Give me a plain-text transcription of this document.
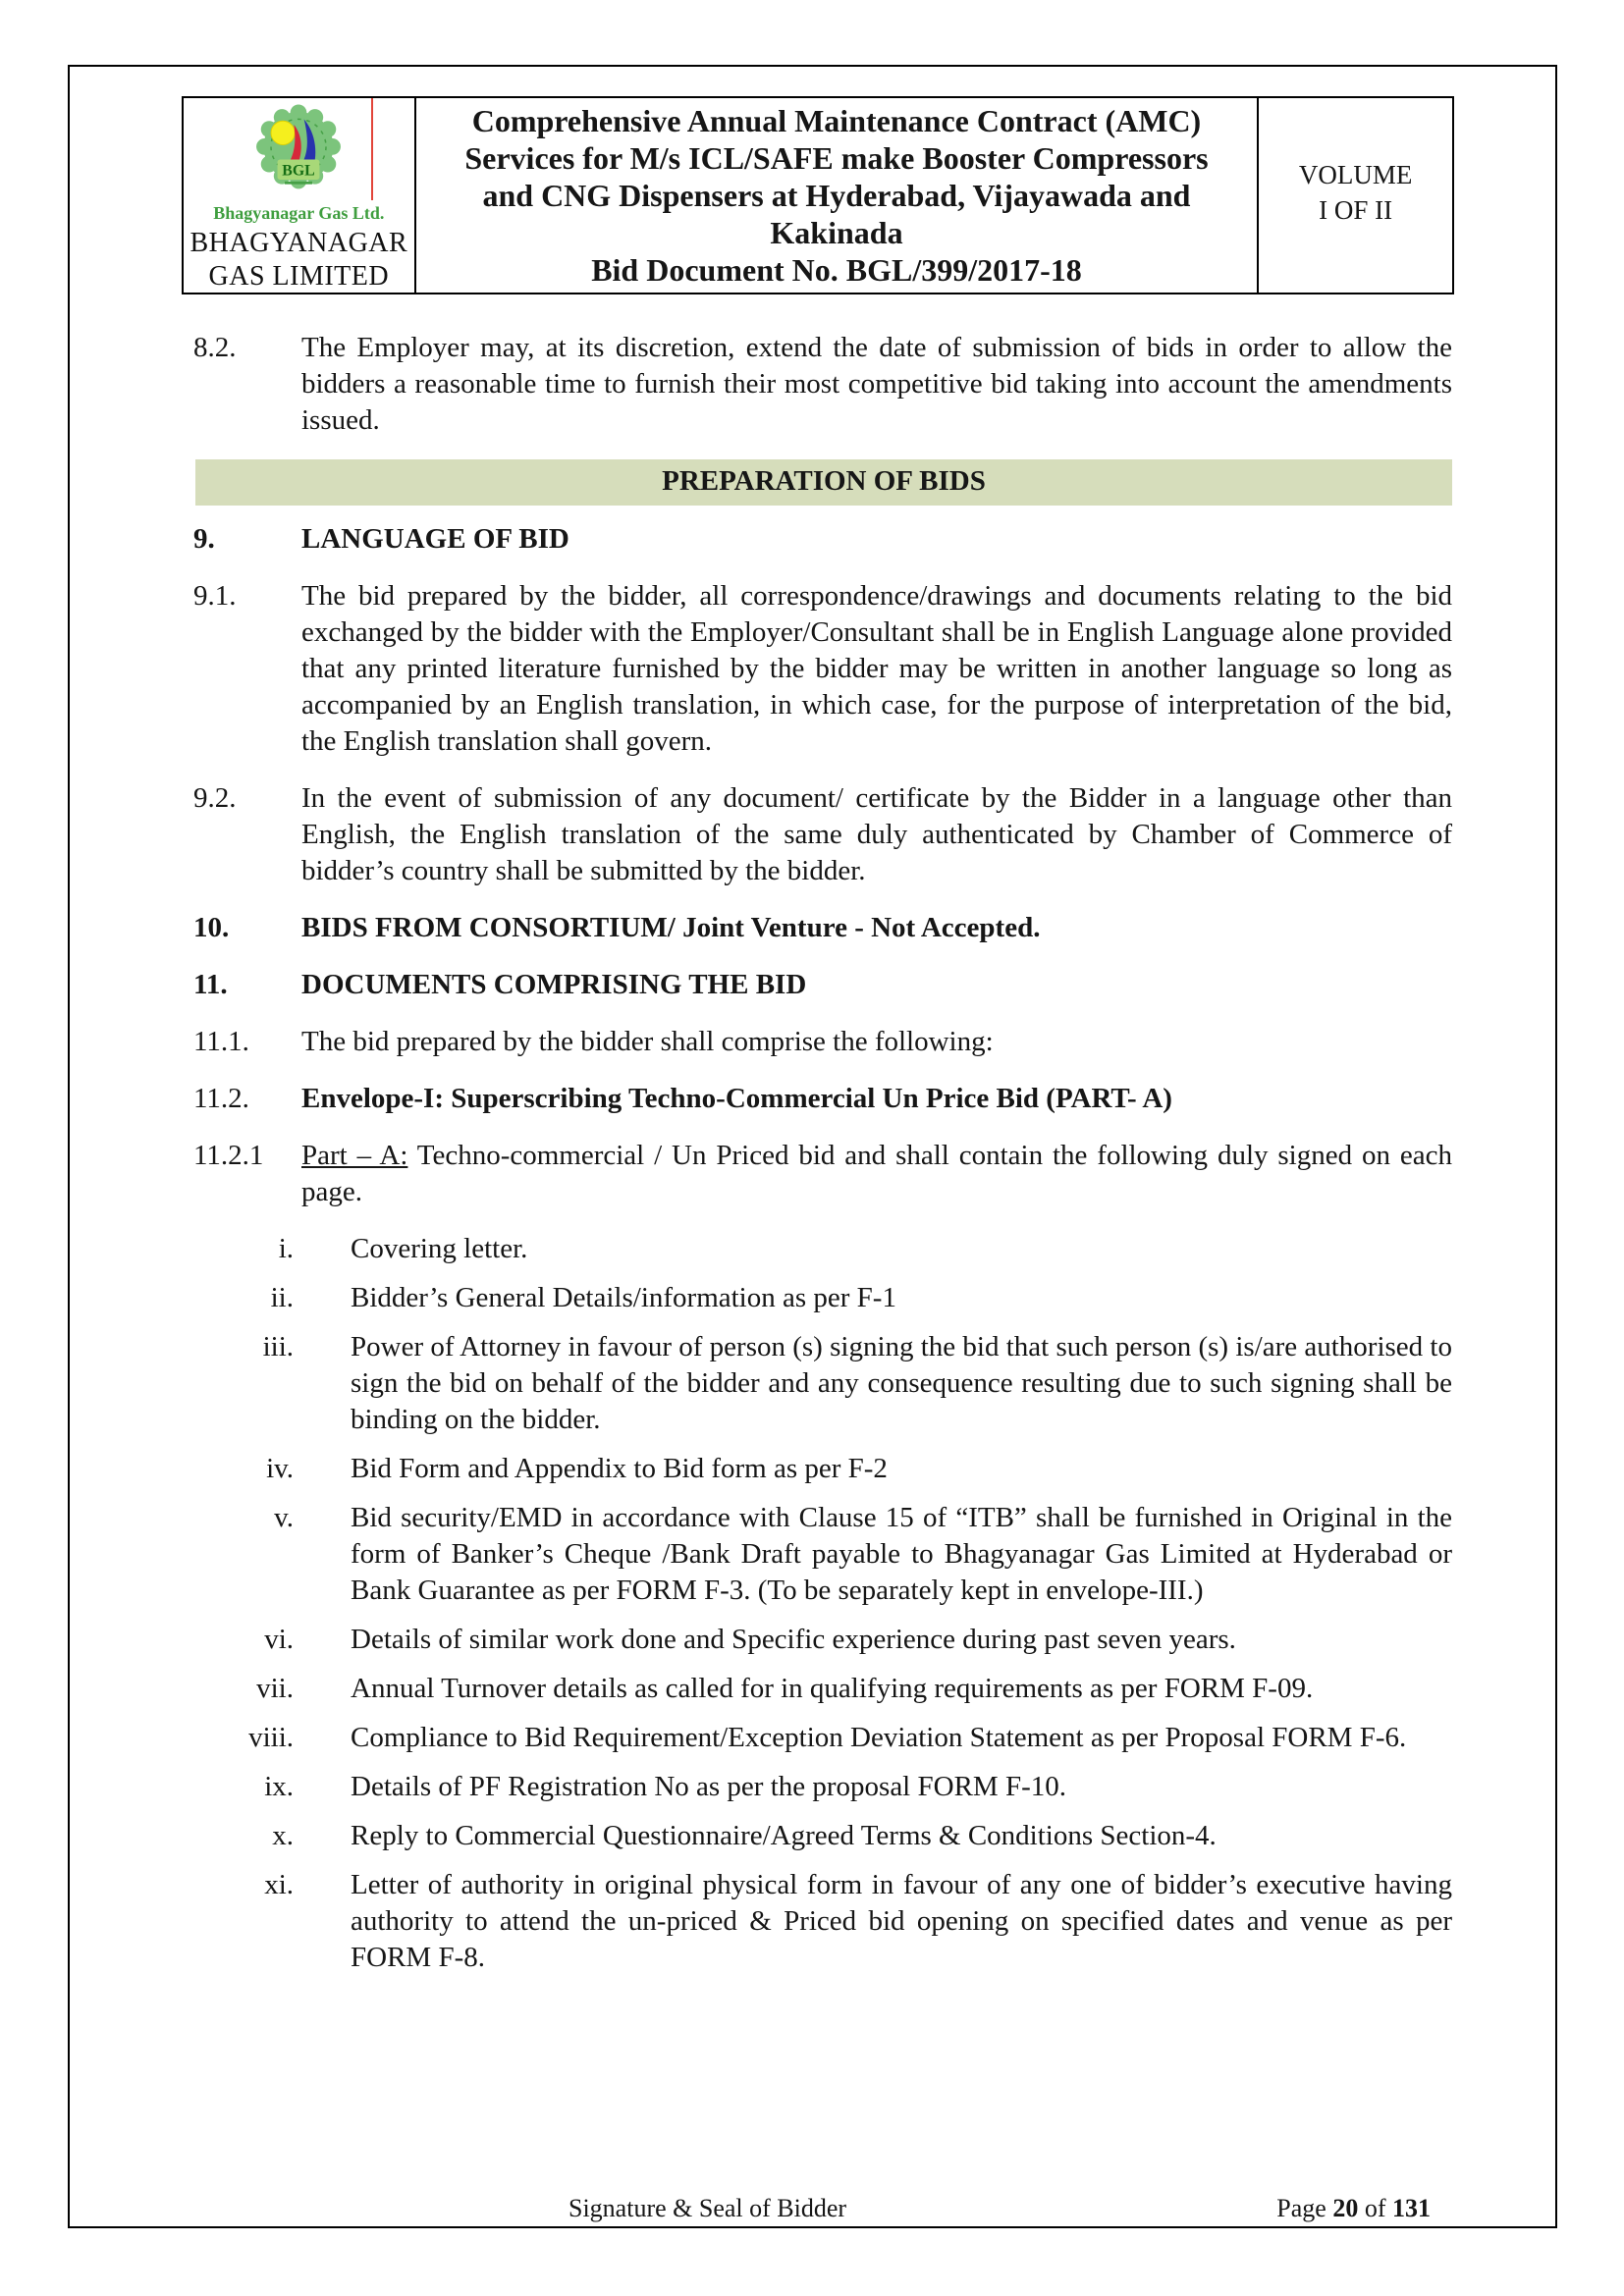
BGL
Bhagyanagar Gas Ltd.
BHAGYANAGAR
GAS LIMITED
Comprehensive Annual Maintenance Contract (AMC)
Services for M/s ICL/SAFE make Booster Compressors
and CNG Dispensers at Hyderabad, Vijayawada and
Kakinada
Bid Document No. BGL/399/2017-18
VOLUME
I OF II
8.2.	The Employer may, at its discretion, extend the date of submission of bids in order to allow the bidders a reasonable time to furnish their most competitive bid taking into account the amendments issued.
PREPARATION OF BIDS
9.	LANGUAGE OF BID
9.1.	The bid prepared by the bidder, all correspondence/drawings and documents relating to the bid exchanged by the bidder with the Employer/Consultant shall be in English Language alone provided that any printed literature furnished by the bidder may be written in another language so long as accompanied by an English translation, in which case, for the purpose of interpretation of the bid, the English translation shall govern.
9.2.	In the event of submission of any document/ certificate by the Bidder in a language other than English, the English translation of the same duly authenticated by Chamber of Commerce of bidder’s country shall be submitted by the bidder.
10.	BIDS FROM CONSORTIUM/ Joint Venture - Not Accepted.
11.	DOCUMENTS COMPRISING THE BID
11.1.	The bid prepared by the bidder shall comprise the following:
11.2.	Envelope-I: Superscribing Techno-Commercial Un Price Bid (PART- A)
11.2.1	Part – A: Techno-commercial / Un Priced bid and shall contain the following duly signed on each page.
i. Covering letter.
ii. Bidder’s General Details/information as per F-1
iii. Power of Attorney in favour of person (s) signing the bid that such person (s) is/are authorised to sign the bid on behalf of the bidder and any consequence resulting due to such signing shall be binding on the bidder.
iv. Bid Form and Appendix to Bid form as per F-2
v. Bid security/EMD in accordance with Clause 15 of “ITB” shall be furnished in Original in the form of Banker’s Cheque /Bank Draft payable to Bhagyanagar Gas Limited at Hyderabad or Bank Guarantee as per FORM F-3. (To be separately kept in envelope-III.)
vi. Details of similar work done and Specific experience during past seven years.
vii. Annual Turnover details as called for in qualifying requirements as per FORM F-09.
viii. Compliance to Bid Requirement/Exception Deviation Statement as per Proposal FORM F-6.
ix. Details of PF Registration No as per the proposal FORM F-10.
x. Reply to Commercial Questionnaire/Agreed Terms & Conditions Section-4.
xi. Letter of authority in original physical form in favour of any one of bidder’s executive having authority to attend the un-priced & Priced bid opening on specified dates and venue as per FORM F-8.
Signature & Seal of Bidder	Page 20 of 131
